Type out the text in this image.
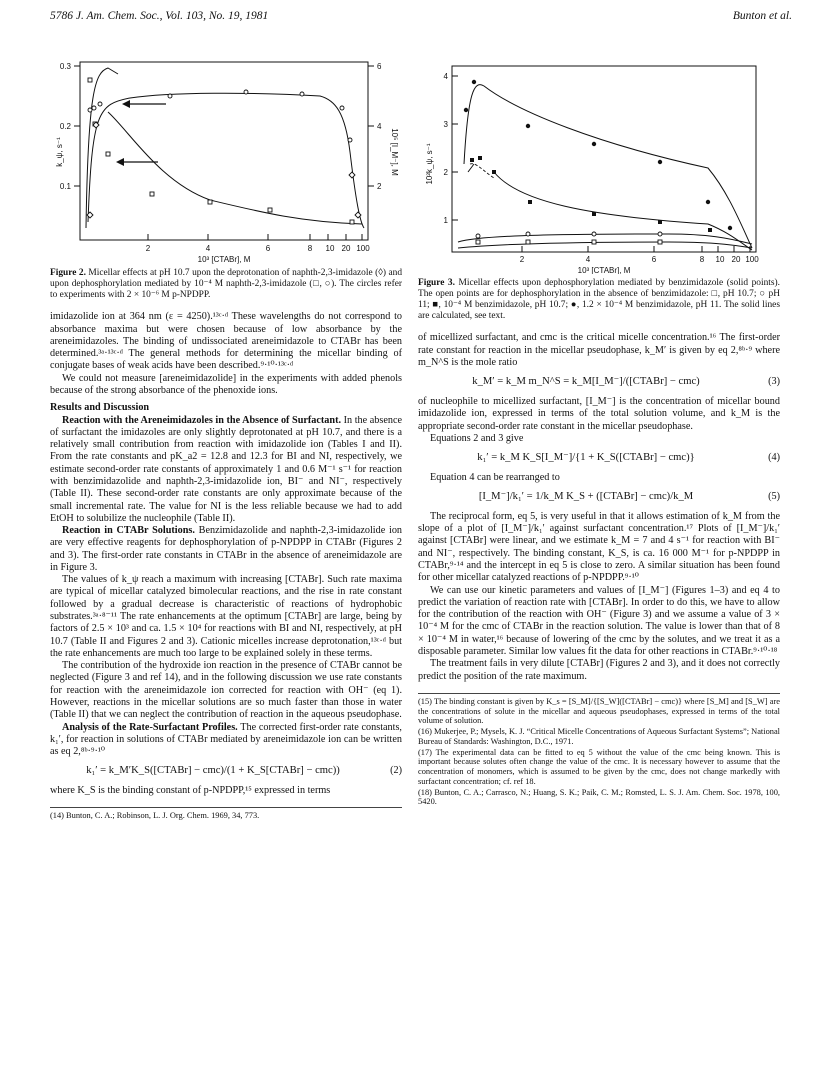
5786 J. Am. Chem. Soc., Vol. 103, No. 19, 1981	Bunton et al.
0.3
0.2
0.1
k_ψ, s⁻¹
6
4
2
10⁵ [I_M⁻], M
2	4	6	8 10 20 100
10³ [CTABr], M
Figure 2. Micellar effects at pH 10.7 upon the deprotonation of naphth-2,3-imidazole (◊) and upon dephosphorylation mediated by 10⁻⁴ M naphth-2,3-imidazole (□, ○). The circles refer to experiments with 2 × 10⁻⁶ M p-NPDPP.

imidazolide ion at 364 nm (ε = 4250).¹³ᶜ·ᵈ These wavelengths do not correspond to absorbance maxima but were chosen because of low absorbance by the areneimidazoles. The binding of undissociated areneimidazole to CTABr has been determined.³ᵃ·¹³ᶜ·ᵈ The general methods for determining the micellar binding of conjugate bases of weak acids have been described.⁹·¹⁰·¹³ᶜ·ᵈ

We could not measure [areneimidazolide] in the experiments with added phenols because of the strong absorbance of the phenoxide ions.

Results and Discussion

Reaction with the Areneimidazoles in the Absence of Surfactant. In the absence of surfactant the imidazoles are only slightly deprotonated at pH 10.7, and there is a relatively small contribution from reaction with imidazolide ion (Tables I and II). From the rate constants and pK_a2 = 12.8 and 12.3 for BI and NI, respectively, we estimate second-order rate constants of approximately 1 and 0.6 M⁻¹ s⁻¹ for reaction with benzimidazolide and naphth-2,3-imidazolide ion, BI⁻ and NI⁻, respectively (Table II). These second-order rate constants are only approximate because of the small incremental rate. The value for NI is the less reliable because we had to add EtOH to solubilize the nucleophile (Table II).

Reaction in CTABr Solutions. Benzimidazolide and naphth-2,3-imidazolide ion are very effective reagents for dephosphorylation of p-NPDPP in CTABr (Figures 2 and 3). The first-order rate constants in CTABr in the absence of areneimidazole are in Figure 3.

The values of k_ψ reach a maximum with increasing [CTABr]. Such rate maxima are typical of micellar catalyzed bimolecular reactions, and the rise in rate constant followed by a gradual decrease is characteristic of reactions of hydrophobic substrates.³ᵃ·⁸⁻¹¹ The rate enhancements at the optimum [CTABr] are large, being by factors of 2.5 × 10³ and ca. 1.5 × 10⁴ for reactions with BI and NI, respectively, at pH 10.7 (Table II and Figures 2 and 3). Cationic micelles increase deprotonation,¹³ᶜ·ᵈ but the rate enhancements are much too large to be explained solely in these terms.

The contribution of the hydroxide ion reaction in the presence of CTABr cannot be neglected (Figure 3 and ref 14), and in the following discussion we use rate constants for reaction with the areneimidazole ion corrected for reaction with OH⁻ (eq 1). However, reactions in the micellar solutions are so much faster than those in water (Table II) that we can neglect the contribution of reaction in the aqueous pseudophase.

Analysis of the Rate-Surfactant Profiles. The corrected first-order rate constants, k₁′, for reaction in solutions of CTABr mediated by areneimidazole ion can be written as eq 2,⁸ᵇ·⁹·¹⁰

k₁′ = k_M′K_S([CTABr] − cmc)/(1 + K_S[CTABr] − cmc))	(2)

where K_S is the binding constant of p-NPDPP,¹⁵ expressed in terms

(14) Bunton, C. A.; Robinson, L. J. Org. Chem. 1969, 34, 773.
4
3
2
1
10²k_ψ, s⁻¹
2	4	6	8 10 20 100
10³ [CTABr], M
Figure 3. Micellar effects upon dephosphorylation mediated by benzimidazole (solid points). The open points are for dephosphorylation in the absence of benzimidazole: □, pH 10.7; ○ pH 11; ■, 10⁻⁴ M benzimidazole, pH 10.7; ●, 1.2 × 10⁻⁴ M benzimidazole, pH 11. The solid lines are calculated, see text.

of micellized surfactant, and cmc is the critical micelle concentration.¹⁶ The first-order rate constant for reaction in the micellar pseudophase, k_M′ is given by eq 2,⁸ᵇ·⁹ where m_N^S is the mole ratio

k_M′ = k_M m_N^S = k_M[I_M⁻]/([CTABr] − cmc)	(3)

of nucleophile to micellized surfactant, [I_M⁻] is the concentration of micellar bound imidazolide ion, expressed in terms of the total solution volume, and k_M is the appropriate second-order rate constant in the micellar pseudophase.

Equations 2 and 3 give

k₁′ = k_M K_S[I_M⁻]/{1 + K_S([CTABr] − cmc)}	(4)

Equation 4 can be rearranged to

[I_M⁻]/k₁′ = 1/k_M K_S + ([CTABr] − cmc)/k_M	(5)

The reciprocal form, eq 5, is very useful in that it allows estimation of k_M from the slope of a plot of [I_M⁻]/k₁′ against surfactant concentration.¹⁷ Plots of [I_M⁻]/k₁′ against [CTABr] were linear, and we estimate k_M = 7 and 4 s⁻¹ for reaction with BI⁻ and NI⁻, respectively. The binding constant, K_S, is ca. 16 000 M⁻¹ for p-NPDPP in CTABr,⁹·¹⁴ and the intercept in eq 5 is close to zero. A similar situation has been found for other micellar catalyzed reactions of p-NPDPP.⁹·¹⁰

We can use our kinetic parameters and values of [I_M⁻] (Figures 1–3) and eq 4 to predict the variation of reaction rate with [CTABr]. In order to do this, we have to allow for the contribution of the reaction with OH⁻ (Figure 3) and we assume a value of 3 × 10⁻⁴ M for the cmc of CTABr in the reaction solution. The value is lower than that of 8 × 10⁻⁴ M in water,¹⁶ because of lowering of the cmc by the solutes, and we treat it as a disposable parameter. Similar low values fit the data for other reactions in CTABr.⁹·¹⁰·¹⁸

The treatment fails in very dilute [CTABr] (Figures 2 and 3), and it does not correctly predict the position of the rate maximum.

(15) The binding constant is given by K_s = [S_M]/{[S_W]([CTABr] − cmc)} where [S_M] and [S_W] are the concentrations of solute in the micellar and aqueous pseudophases, expressed in terms of the total volume of solution.
(16) Mukerjee, P.; Mysels, K. J. “Critical Micelle Concentrations of Aqueous Surfactant Systems”; National Bureau of Standards: Washington, D.C., 1971.
(17) The experimental data can be fitted to eq 5 without the value of the cmc being known. This is important because solutes often change the value of the cmc. It is necessary however to assume that the concentration of monomers, which is assumed to be given by the cmc, does not change markedly with surfactant concentration; cf. ref 18.
(18) Bunton, C. A.; Carrasco, N.; Huang, S. K.; Paik, C. M.; Romsted, L. S. J. Am. Chem. Soc. 1978, 100, 5420.
